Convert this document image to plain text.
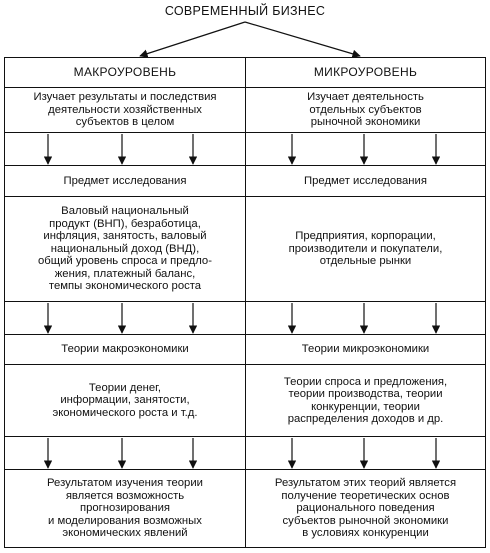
СОВРЕМЕННЫЙ БИЗНЕС
МАКРОУРОВЕНЬ
Изучает результаты и последствия
деятельности хозяйственных
субъектов в целом
Предмет исследования
Валовый национальный
продукт (ВНП), безработица,
инфляция, занятость, валовый
национальный доход (ВНД),
общий уровень спроса и предло-
жения, платежный баланс,
темпы экономического роста
Теории макроэкономики
Теории денег,
информации, занятости,
экономического роста и т.д.
Результатом изучения теории
является возможность
прогнозирования
и моделирования возможных
экономических явлений
МИКРОУРОВЕНЬ
Изучает деятельность
отдельных субъектов
рыночной экономики
Предмет исследования
Предприятия, корпорации,
производители и покупатели,
отдельные рынки
Теории микроэкономики
Теории спроса и предложения,
теории производства, теории
конкуренции, теории
распределения доходов и др.
Результатом этих теорий является
получение теоретических основ
рационального поведения
субъектов рыночной экономики
в условиях конкуренции
